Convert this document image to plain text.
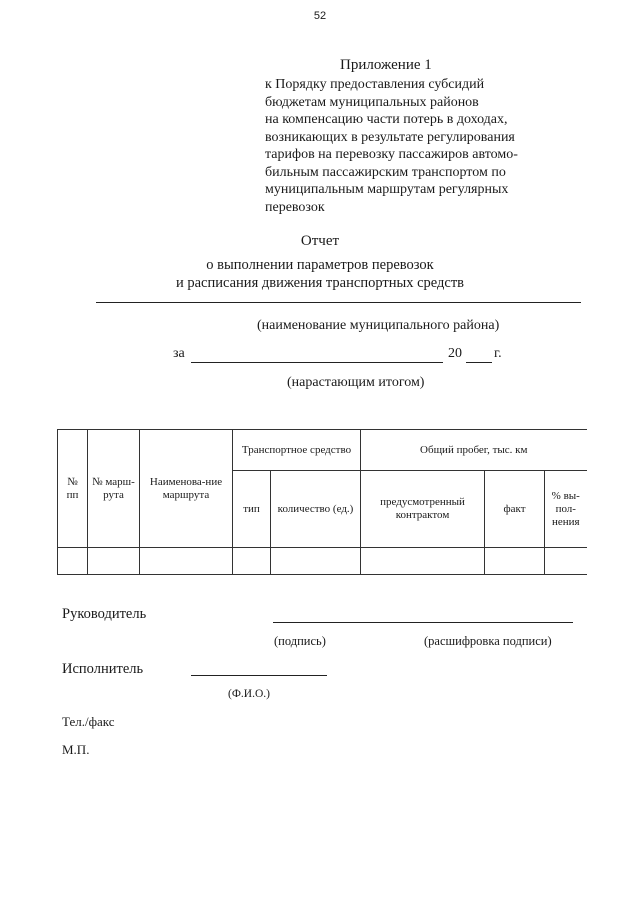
52
Приложение 1
к Порядку предоставления субсидий
бюджетам муниципальных районов
на компенсацию части потерь в доходах,
возникающих в результате регулирования
тарифов на перевозку пассажиров автомо-
бильным пассажирским транспортом по
муниципальным маршрутам регулярных
перевозок
Отчет
о выполнении параметров перевозок
и расписания движения транспортных средств
(наименование муниципального района)
за	20 г.
(нарастающим итогом)
№ пп	№ марш-рута	Наименова-ние маршрута	Транспортное средство		Общий пробег, тыс. км		
			тип	количество (ед.)	предусмотренный контрактом	факт	% вы-пол-нения

Руководитель
(подпись)	(расшифровка подписи)
Исполнитель
(Ф.И.О.)
Тел./факс
М.П.
